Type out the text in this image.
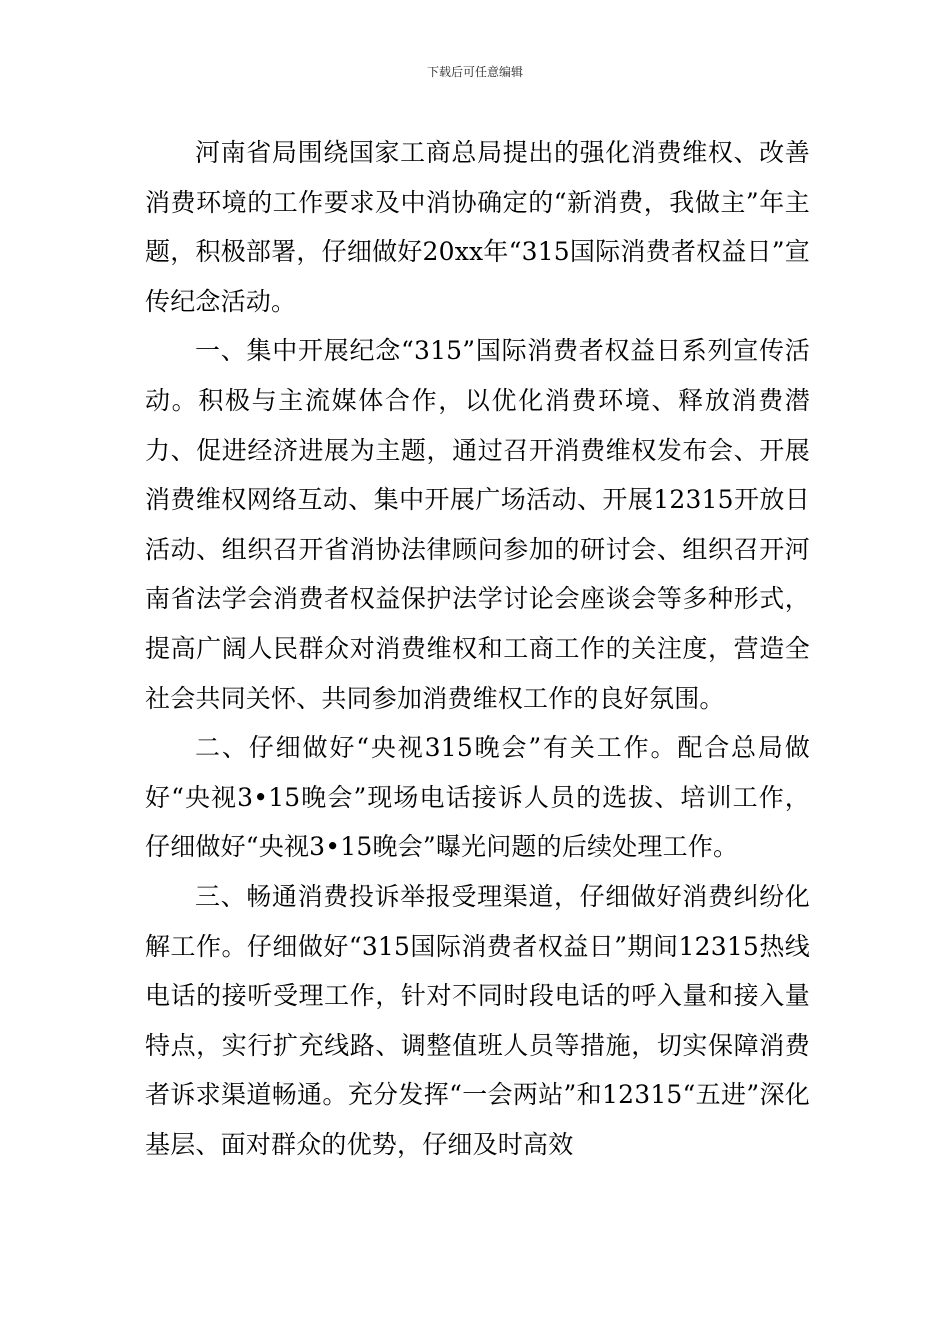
下载后可任意编辑

河南省局围绕国家工商总局提出的强化消费维权、改善消费环境的工作要求及中消协确定的“新消费，我做主”年主题，积极部署，仔细做好20xx年“315国际消费者权益日”宣传纪念活动。

一、集中开展纪念“315”国际消费者权益日系列宣传活动。积极与主流媒体合作，以优化消费环境、释放消费潜力、促进经济进展为主题，通过召开消费维权发布会、开展消费维权网络互动、集中开展广场活动、开展12315开放日活动、组织召开省消协法律顾问参加的研讨会、组织召开河南省法学会消费者权益保护法学讨论会座谈会等多种形式，提高广阔人民群众对消费维权和工商工作的关注度，营造全社会共同关怀、共同参加消费维权工作的良好氛围。

二、仔细做好“央视315晚会”有关工作。配合总局做好“央视3•15晚会”现场电话接诉人员的选拔、培训工作，仔细做好“央视3•15晚会”曝光问题的后续处理工作。

三、畅通消费投诉举报受理渠道，仔细做好消费纠纷化解工作。仔细做好“315国际消费者权益日”期间12315热线电话的接听受理工作，针对不同时段电话的呼入量和接入量特点，实行扩充线路、调整值班人员等措施，切实保障消费者诉求渠道畅通。充分发挥“一会两站”和12315“五进”深化基层、面对群众的优势，仔细及时高效
